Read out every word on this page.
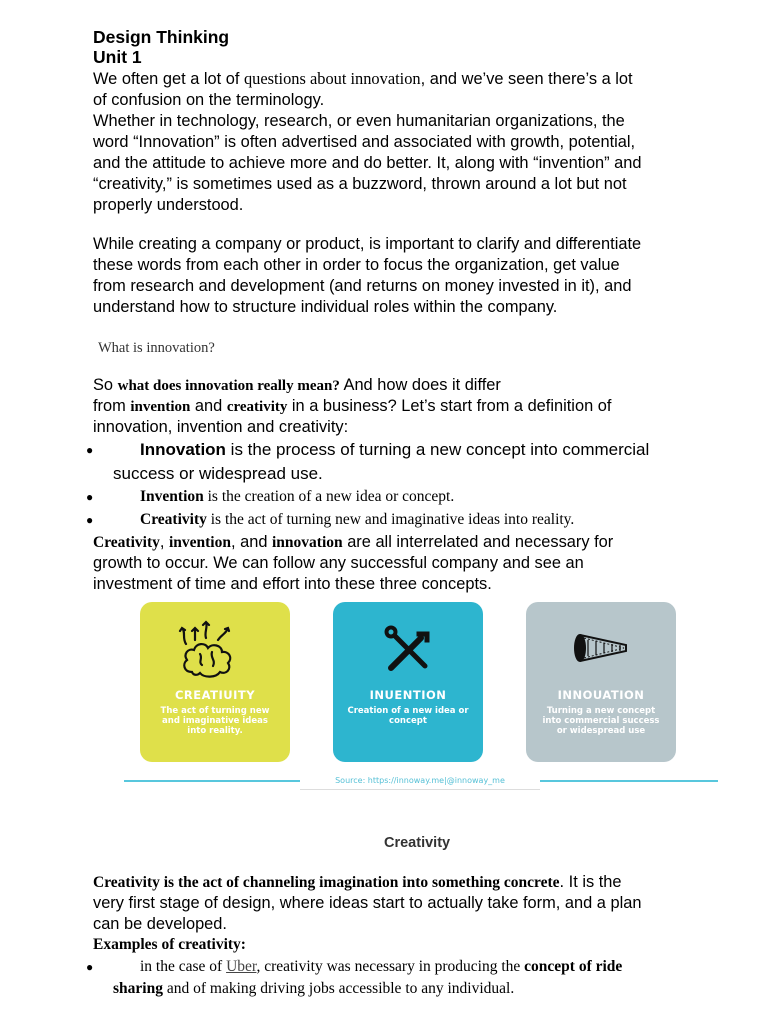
Design Thinking
Unit 1
We often get a lot of questions about innovation, and we’ve seen there’s a lot
of confusion on the terminology.
Whether in technology, research, or even humanitarian organizations, the
word “Innovation” is often advertised and associated with growth, potential,
and the attitude to achieve more and do better. It, along with “invention” and
“creativity,” is sometimes used as a buzzword, thrown around a lot but not
properly understood.
While creating a company or product, is important to clarify and differentiate
these words from each other in order to focus the organization, get value
from research and development (and returns on money invested in it), and
understand how to structure individual roles within the company.
What is innovation?
So what does innovation really mean? And how does it differ
from invention and creativity in a business? Let’s start from a definition of
innovation, invention and creativity:
●	Innovation is the process of turning a new concept into commercial
success or widespread use.
●	Invention is the creation of a new idea or concept.
●	Creativity is the act of turning new and imaginative ideas into reality.
Creativity, invention, and innovation are all interrelated and necessary for
growth to occur. We can follow any successful company and see an
investment of time and effort into these three concepts.
CREATIUITY
The act of turning new and imaginative ideas into reality.
INUENTION
Creation of a new idea or concept
INNOUATION
Turning a new concept into commercial success or widespread use
Source: https://innoway.me|@innoway_me
Creativity
Creativity is the act of channeling imagination into something concrete. It is the
very first stage of design, where ideas start to actually take form, and a plan
can be developed.
Examples of creativity:
●	in the case of Uber, creativity was necessary in producing the concept of ride
sharing and of making driving jobs accessible to any individual.
